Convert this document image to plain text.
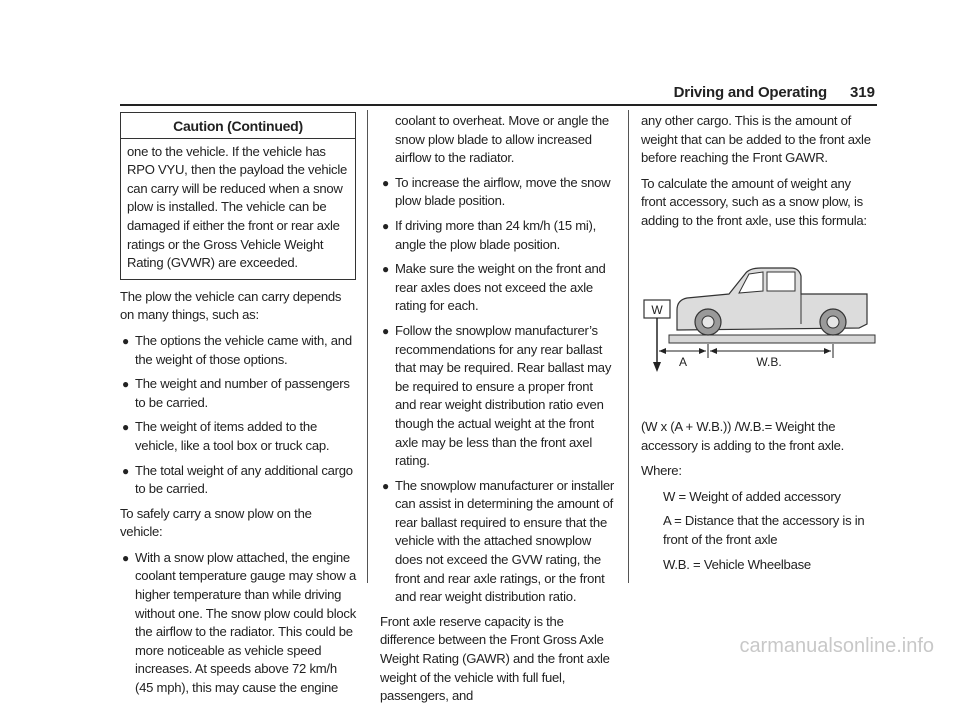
Driving and Operating 319
Caution (Continued)
one to the vehicle. If the vehicle has RPO VYU, then the payload the vehicle can carry will be reduced when a snow plow is installed. The vehicle can be damaged if either the front or rear axle ratings or the Gross Vehicle Weight Rating (GVWR) are exceeded.

The plow the vehicle can carry depends on many things, such as:

● The options the vehicle came with, and the weight of those options.
● The weight and number of passengers to be carried.
● The weight of items added to the vehicle, like a tool box or truck cap.
● The total weight of any additional cargo to be carried.

To safely carry a snow plow on the vehicle:

● With a snow plow attached, the engine coolant temperature gauge may show a higher temperature than while driving without one. The snow plow could block the airflow to the radiator. This could be more noticeable as vehicle speed increases. At speeds above 72 km/h (45 mph), this may cause the engine

coolant to overheat. Move or angle the snow plow blade to allow increased airflow to the radiator.

● To increase the airflow, move the snow plow blade position.
● If driving more than 24 km/h (15 mi), angle the plow blade position.
● Make sure the weight on the front and rear axles does not exceed the axle rating for each.
● Follow the snowplow manufacturer’s recommendations for any rear ballast that may be required. Rear ballast may be required to ensure a proper front and rear weight distribution ratio even though the actual weight at the front axle may be less than the front axel rating.
● The snowplow manufacturer or installer can assist in determining the amount of rear ballast required to ensure that the vehicle with the attached snowplow does not exceed the GVW rating, the front and rear axle ratings, or the front and rear weight distribution ratio.

Front axle reserve capacity is the difference between the Front Gross Axle Weight Rating (GAWR) and the front axle weight of the vehicle with full fuel, passengers, and

any other cargo. This is the amount of weight that can be added to the front axle before reaching the Front GAWR.

To calculate the amount of weight any front accessory, such as a snow plow, is adding to the front axle, use this formula:

W
A	W.B.

(W x (A + W.B.)) /W.B.= Weight the accessory is adding to the front axle.

Where:

W = Weight of added accessory

A = Distance that the accessory is in front of the front axle

W.B. = Vehicle Wheelbase

carmanualsonline.info
